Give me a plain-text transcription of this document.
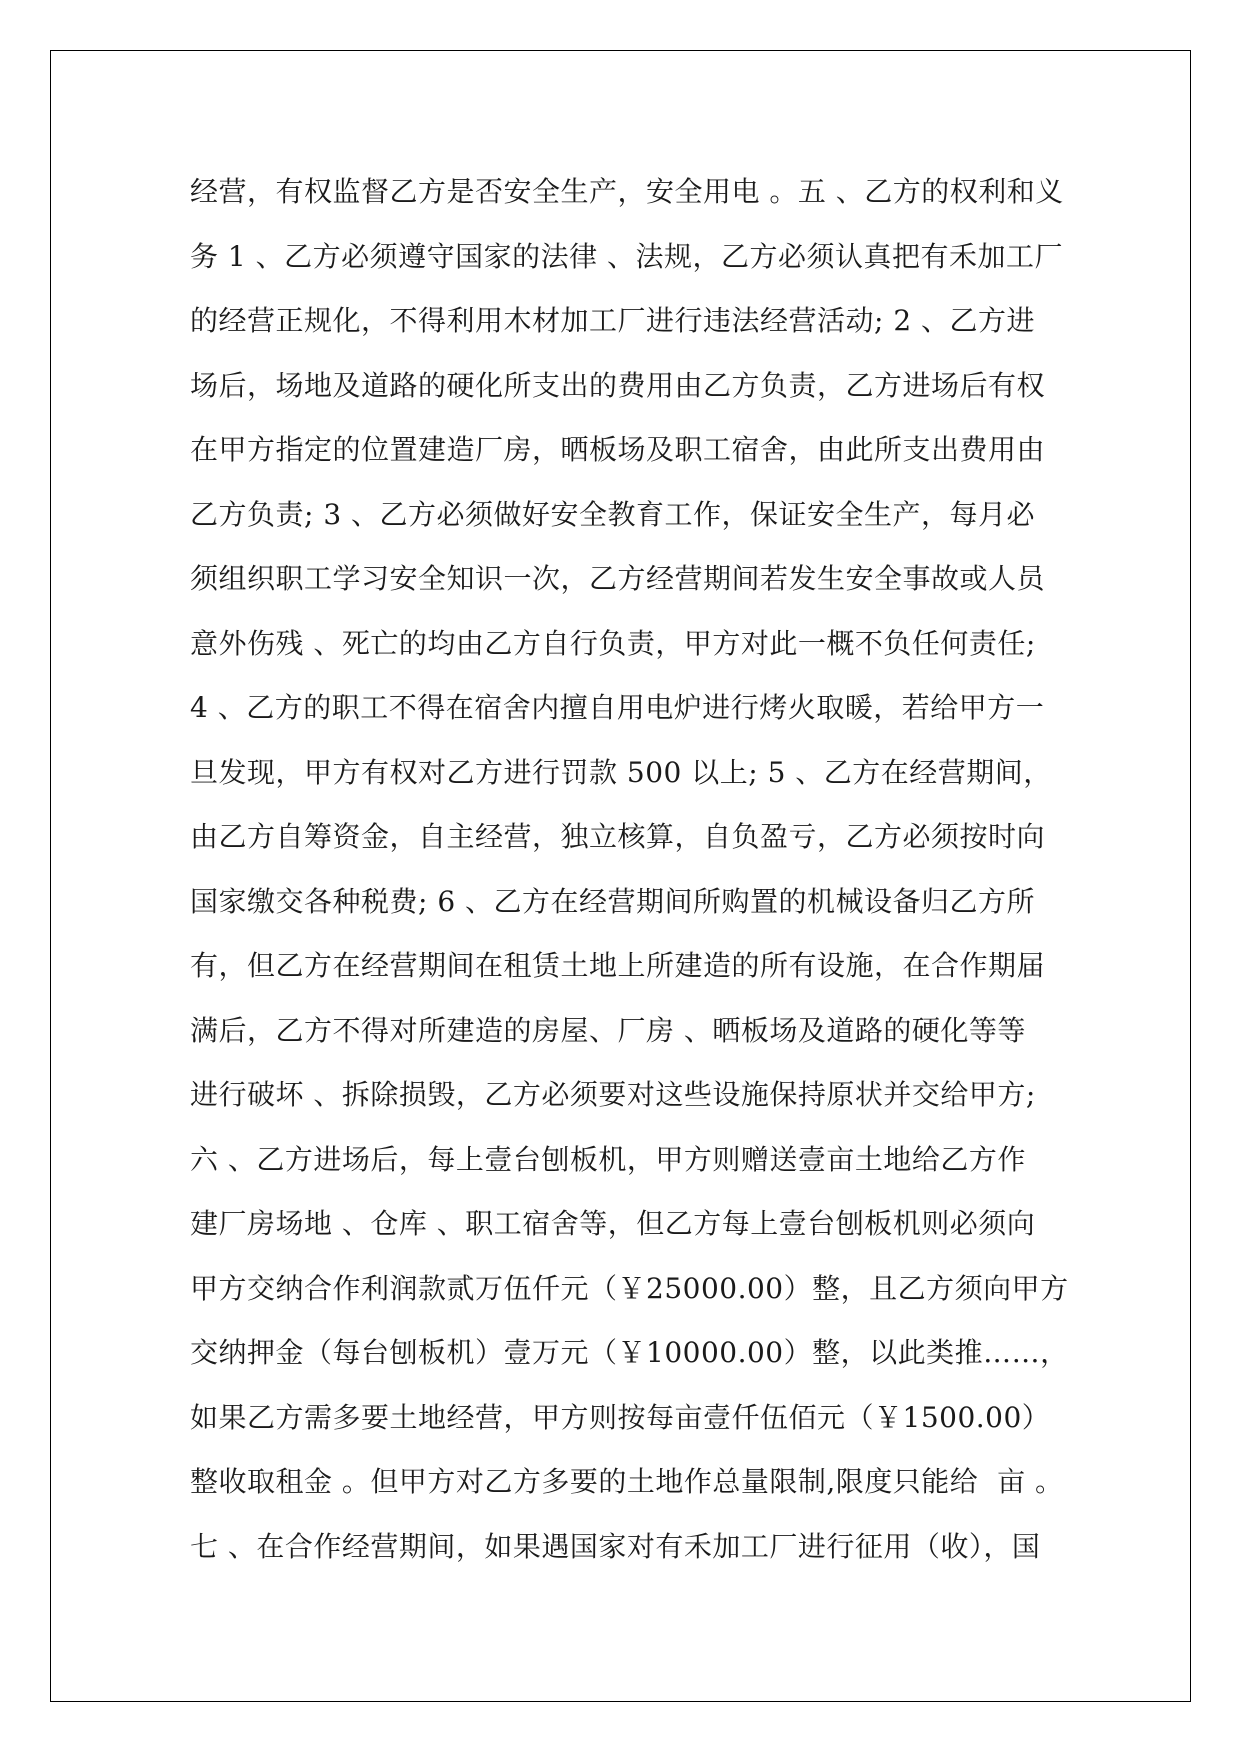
经营，有权监督乙方是否安全生产，安全用电 。五 、乙方的权利和义
务 1 、乙方必须遵守国家的法律 、法规，乙方必须认真把有禾加工厂
的经营正规化，不得利用木材加工厂进行违法经营活动; 2 、乙方进
场后，场地及道路的硬化所支出的费用由乙方负责，乙方进场后有权
在甲方指定的位置建造厂房，晒板场及职工宿舍，由此所支出费用由
乙方负责; 3 、乙方必须做好安全教育工作，保证安全生产，每月必
须组织职工学习安全知识一次，乙方经营期间若发生安全事故或人员
意外伤残 、死亡的均由乙方自行负责，甲方对此一概不负任何责任;
4 、乙方的职工不得在宿舍内擅自用电炉进行烤火取暖，若给甲方一
旦发现，甲方有权对乙方进行罚款 500 以上; 5 、乙方在经营期间，
由乙方自筹资金，自主经营，独立核算，自负盈亏，乙方必须按时向
国家缴交各种税费; 6 、乙方在经营期间所购置的机械设备归乙方所
有，但乙方在经营期间在租赁土地上所建造的所有设施，在合作期届
满后，乙方不得对所建造的房屋、厂房 、晒板场及道路的硬化等等
进行破坏 、拆除损毁，乙方必须要对这些设施保持原状并交给甲方;
六 、乙方进场后，每上壹台刨板机，甲方则赠送壹亩土地给乙方作
建厂房场地 、仓库 、职工宿舍等，但乙方每上壹台刨板机则必须向
甲方交纳合作利润款贰万伍仟元（￥25000.00）整，且乙方须向甲方
交纳押金（每台刨板机）壹万元（￥10000.00）整，以此类推……，
如果乙方需多要土地经营，甲方则按每亩壹仟伍佰元（￥1500.00）
整收取租金 。但甲方对乙方多要的土地作总量限制,限度只能给  亩 。
七 、在合作经营期间，如果遇国家对有禾加工厂进行征用（收），国
